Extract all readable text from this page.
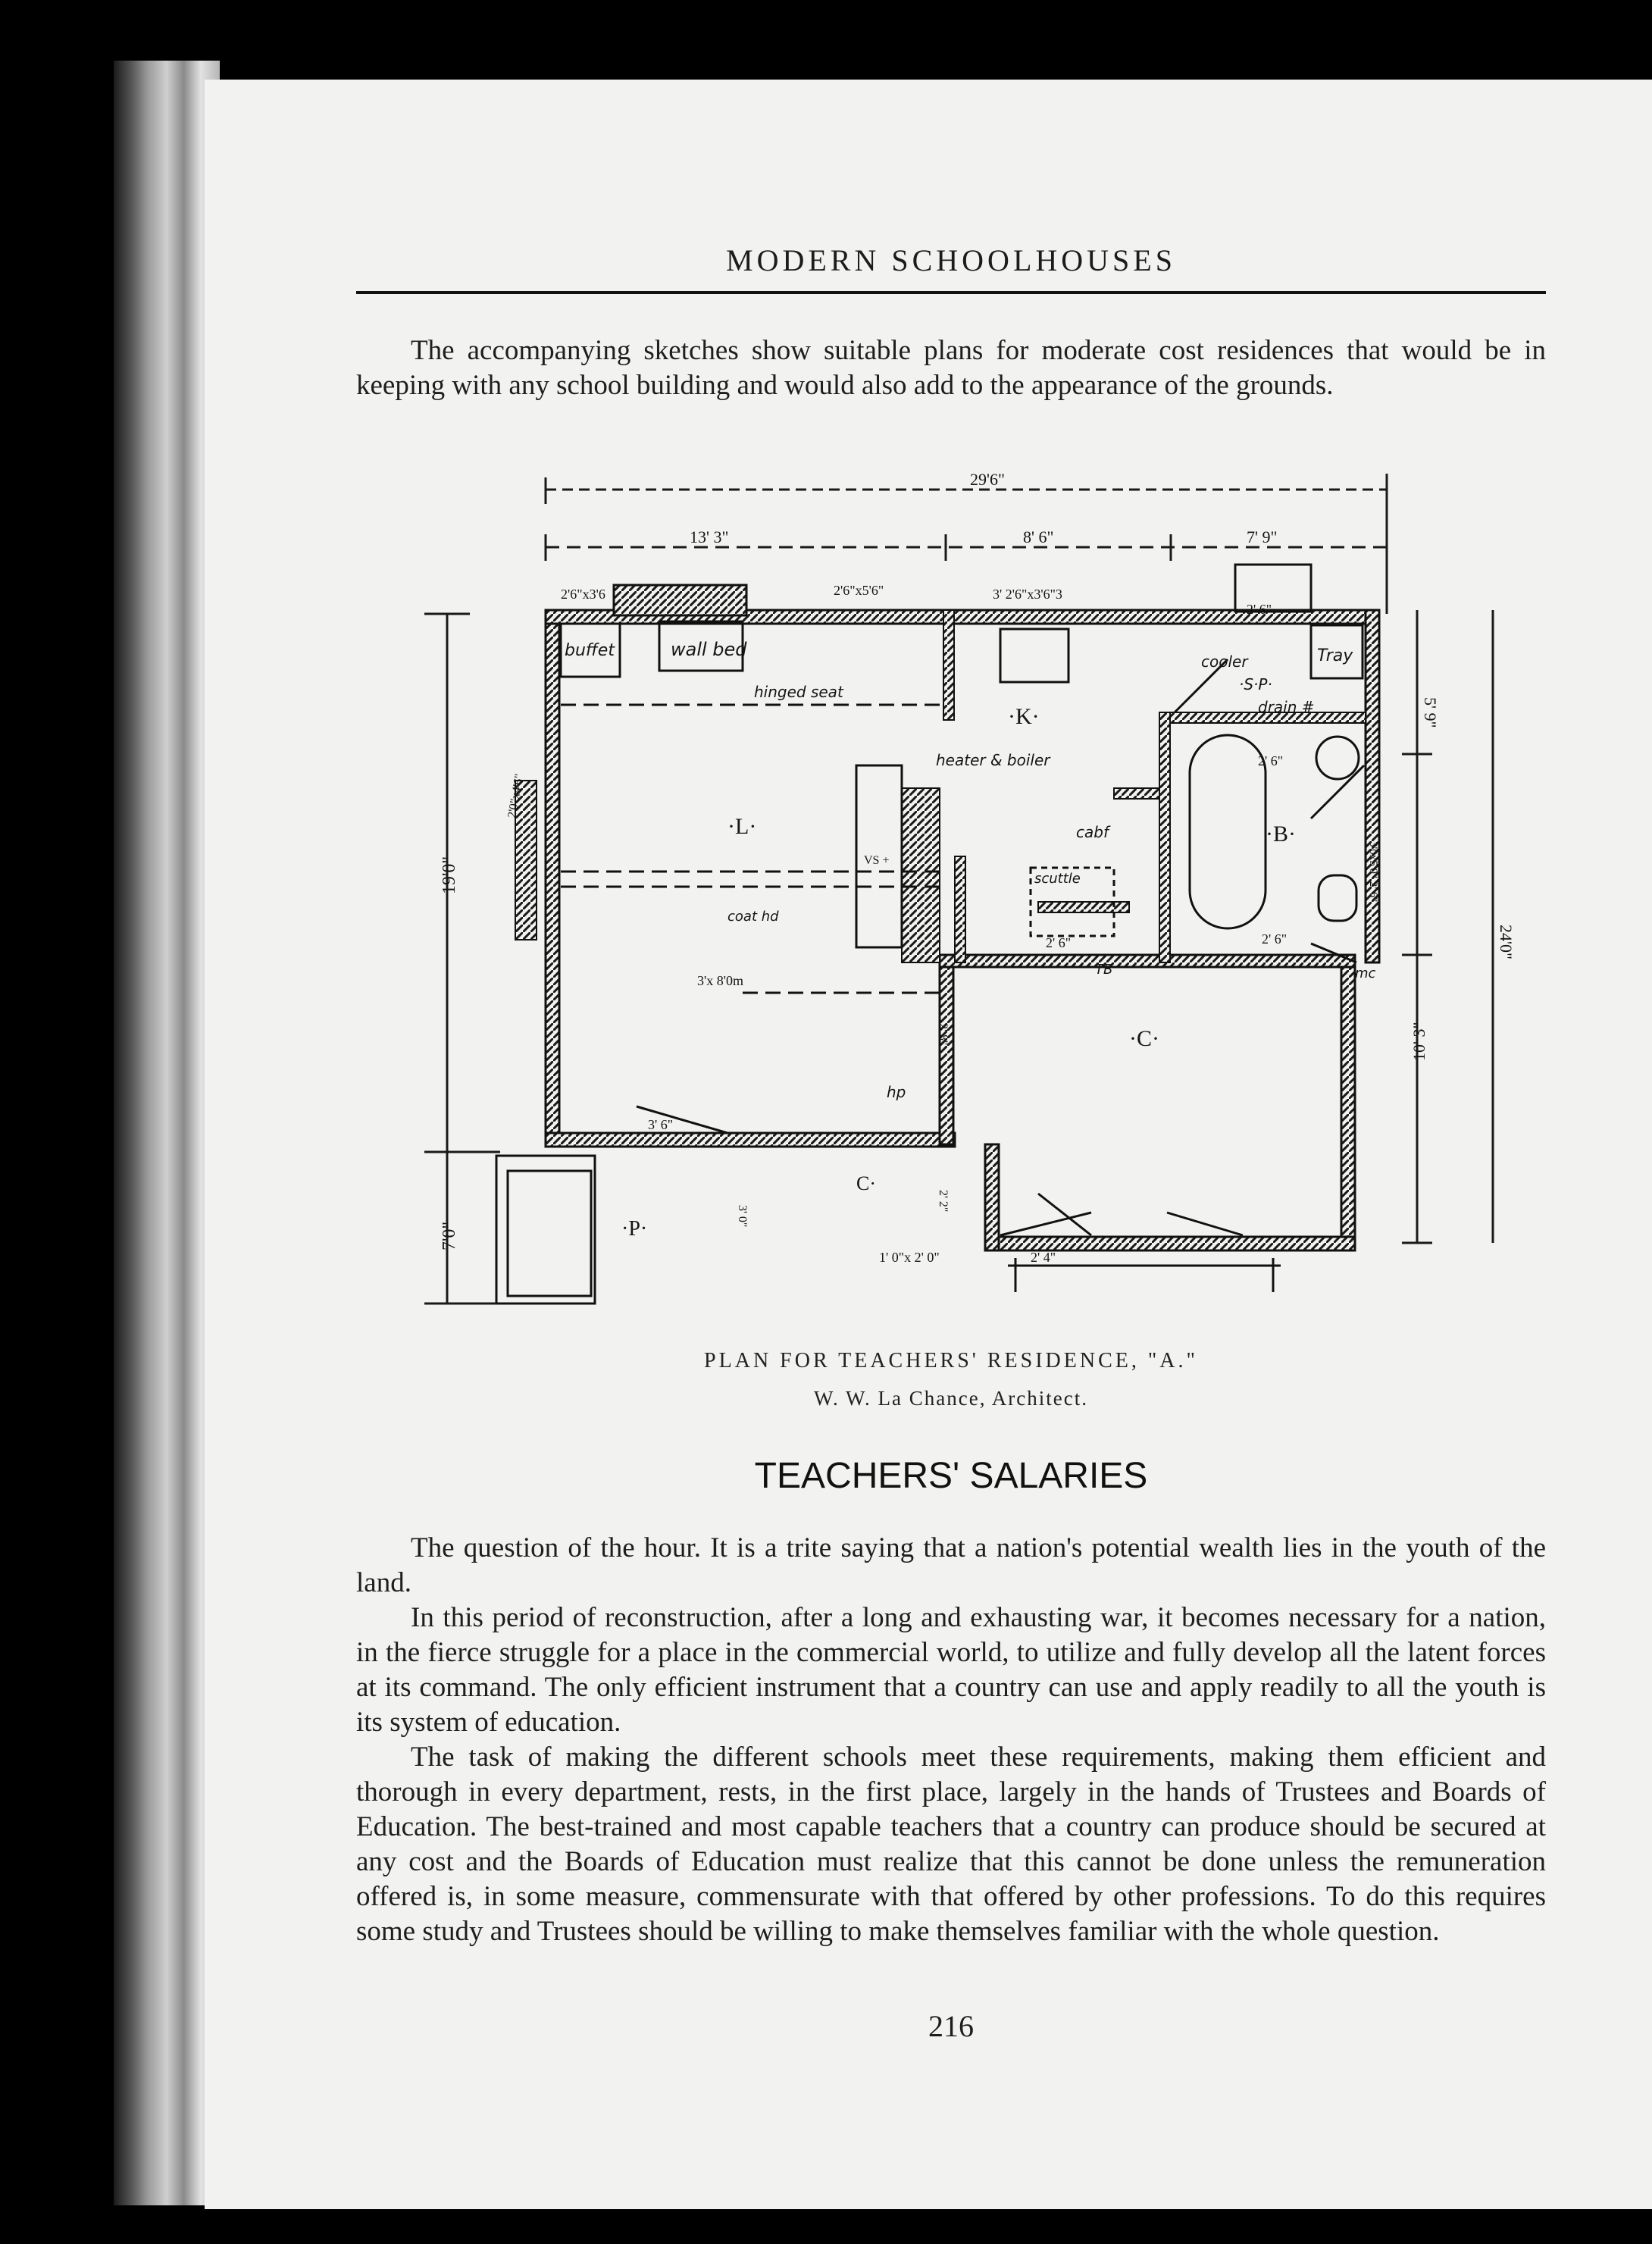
MODERN SCHOOLHOUSES

The accompanying sketches show suitable plans for moderate cost residences that would be in keeping with any school building and would also add to the appearance of the grounds.

·L·
·K·
·B·
·C·
C·
·P·
buffet	wall bed
hinged seat
heater & boiler
cooler
·S·P·
drain #
Tray
cabf
scuttle
coat hd
hp
mc
TB
29'6"
13' 3"	8' 6"	7' 9"
2'6"x3'6	2'6"x5'6"	3' 2'6"x3'6"3
2' 6"
2' 6"
2' 6"
2' 6"
3' 6"
1' 0"x 2' 0"	2' 4"
3'x 8'0m
VS +
2'0"x4'6"
19'0"
7'0"
5' 9"
10' 3"
24'0"
3'0x5'0" 2' 6"
2' 8"
2' 2"
3' 0"
PLAN FOR TEACHERS' RESIDENCE, "A."
W. W. La Chance, Architect.
TEACHERS' SALARIES

The question of the hour. It is a trite saying that a nation's potential wealth lies in the youth of the land.

In this period of reconstruction, after a long and exhausting war, it becomes necessary for a nation, in the fierce struggle for a place in the commercial world, to utilize and fully develop all the latent forces at its command. The only efficient instrument that a country can use and apply readily to all the youth is its system of education.

The task of making the different schools meet these requirements, making them efficient and thorough in every department, rests, in the first place, largely in the hands of Trustees and Boards of Education. The best-trained and most capable teachers that a country can produce should be secured at any cost and the Boards of Education must realize that this cannot be done unless the remuneration offered is, in some measure, commensurate with that offered by other professions. To do this requires some study and Trustees should be willing to make themselves familiar with the whole question.

216
